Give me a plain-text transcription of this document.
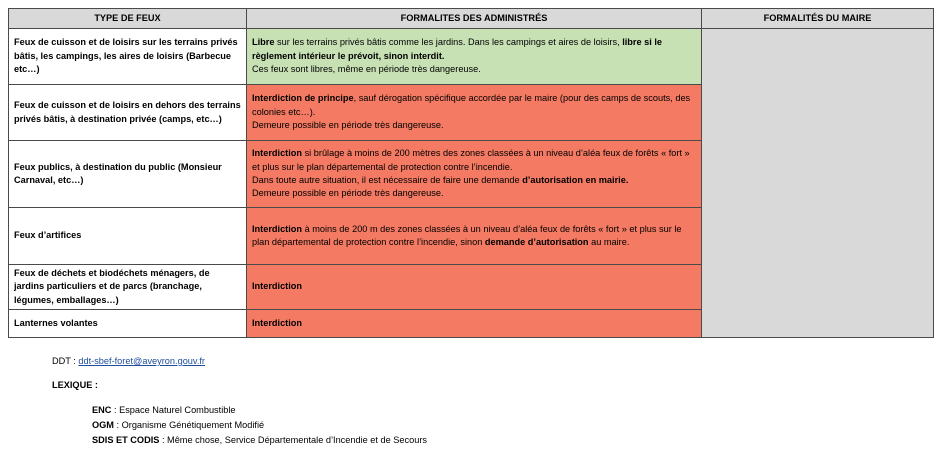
TYPE DE FEUX	FORMALITES DES ADMINISTRÉS	FORMALITÉS DU MAIRE
Feux de cuisson et de loisirs sur les terrains privés bâtis, les campings, les aires de loisirs (Barbecue etc…)	Libre sur les terrains privés bâtis comme les jardins. Dans les campings et aires de loisirs, libre si le règlement intérieur le prévoit, sinon interdit.
Ces feux sont libres, même en période très dangereuse.	
Feux de cuisson et de loisirs en dehors des terrains privés bâtis, à destination privée (camps, etc…)	Interdiction de principe, sauf dérogation spécifique accordée par le maire (pour des camps de scouts, des colonies etc…).
Demeure possible en période très dangereuse.	
Feux publics, à destination du public (Monsieur Carnaval, etc…)	Interdiction si brûlage à moins de 200 mètres des zones classées à un niveau d’aléa feux de forêts « fort » et plus sur le plan départemental de protection contre l’incendie.
Dans toute autre situation, il est nécessaire de faire une demande d’autorisation en mairie.
Demeure possible en période très dangereuse.	
Feux d’artifices	Interdiction à moins de 200 m des zones classées à un niveau d’aléa feux de forêts « fort » et plus sur le plan départemental de protection contre l’incendie, sinon demande d’autorisation au maire.	
Feux de déchets et biodéchets ménagers, de jardins particuliers et de parcs (branchage, légumes, emballages…)	Interdiction	
Lanternes volantes	Interdiction	
DDT : ddt-sbef-foret@aveyron.gouv.fr
LEXIQUE :
ENC : Espace Naturel Combustible
OGM : Organisme Génétiquement Modifié
SDIS ET CODIS : Même chose, Service Départementale d’Incendie et de Secours
